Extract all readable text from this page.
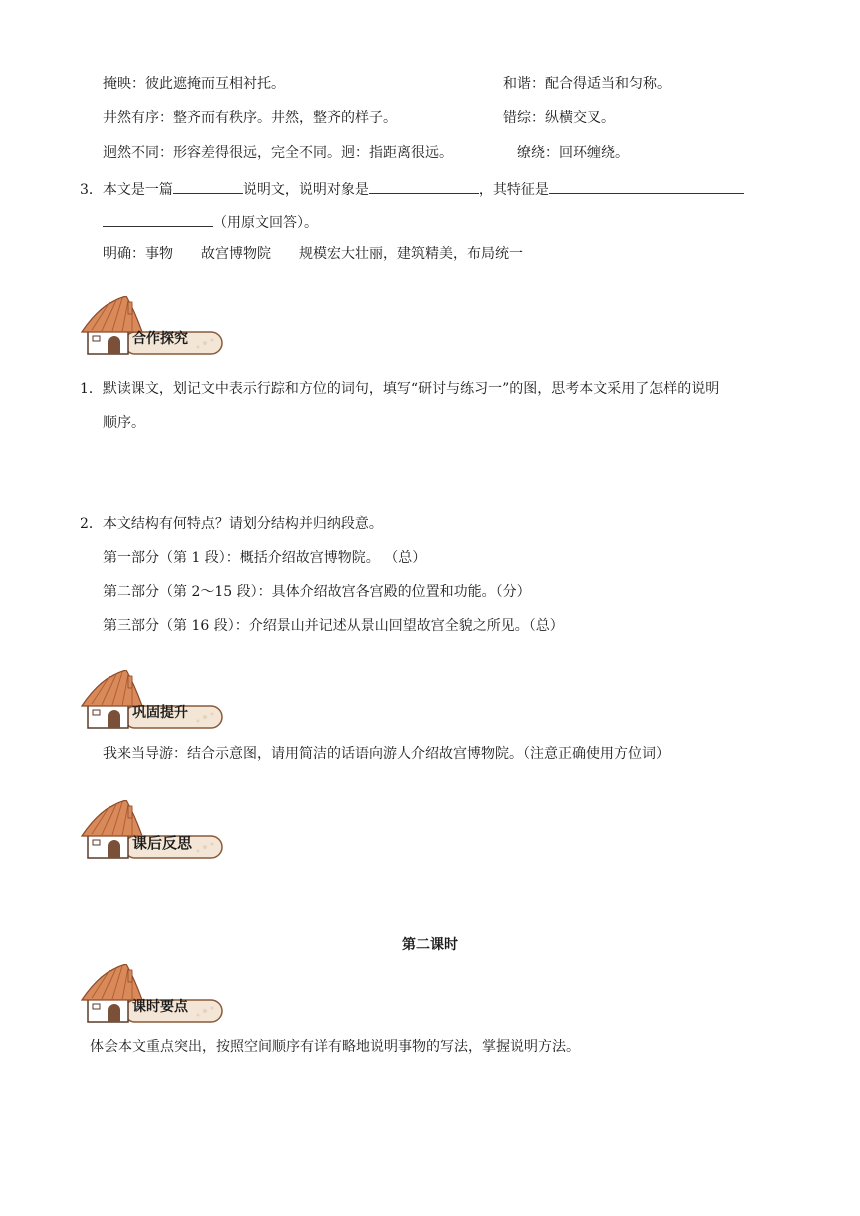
掩映：彼此遮掩而互相衬托。	和谐：配合得适当和匀称。
井然有序：整齐而有秩序。井然，整齐的样子。	错综：纵横交叉。
迥然不同：形容差得很远，完全不同。迥：指距离很远。	缭绕：回环缠绕。
3．本文是一篇	说明文，说明对象是	，其特征是
（用原文回答）。
明确：事物　　故宫博物院　　规模宏大壮丽，建筑精美，布局统一
合作探究
1．默读课文，划记文中表示行踪和方位的词句，填写“研讨与练习一”的图，思考本文采用了怎样的说明
顺序。
2．本文结构有何特点？请划分结构并归纳段意。
第一部分（第 1 段）：概括介绍故宫博物院。 （总）
第二部分（第 2～15 段）：具体介绍故宫各宫殿的位置和功能。（分）
第三部分（第 16 段）：介绍景山并记述从景山回望故宫全貌之所见。（总）
巩固提升
我来当导游：结合示意图，请用简洁的话语向游人介绍故宫博物院。（注意正确使用方位词）
课后反思
第二课时
课时要点
体会本文重点突出，按照空间顺序有详有略地说明事物的写法，掌握说明方法。
